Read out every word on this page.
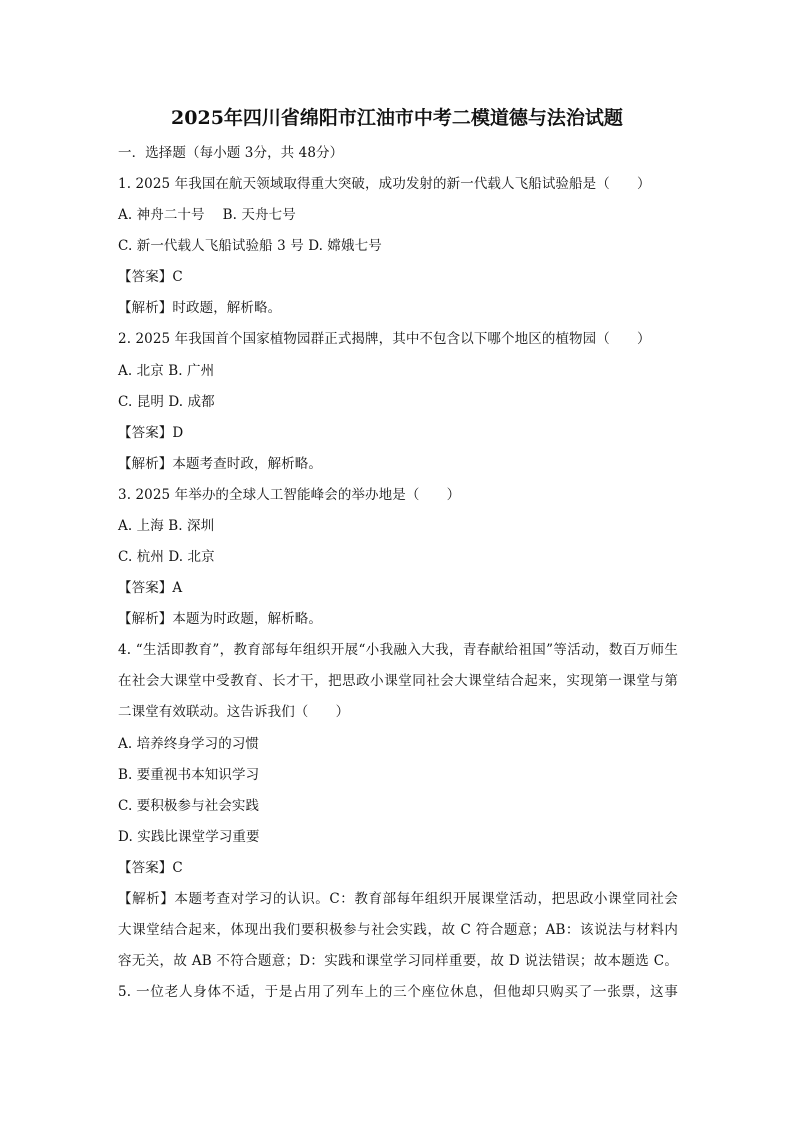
2025年四川省绵阳市江油市中考二模道德与法治试题
一．选择题（每小题 3分，共 48分）
1. 2025 年我国在航天领域取得重大突破，成功发射的新一代载人飞船试验船是（　　）
A. 神舟二十号　 B. 天舟七号
C. 新一代载人飞船试验船 3 号 D. 嫦娥七号
【答案】C
【解析】时政题，解析略。
2. 2025 年我国首个国家植物园群正式揭牌，其中不包含以下哪个地区的植物园（　　）
A. 北京 B. 广州
C. 昆明 D. 成都
【答案】D
【解析】本题考查时政，解析略。
3. 2025 年举办的全球人工智能峰会的举办地是（　　）
A. 上海 B. 深圳
C. 杭州 D. 北京
【答案】A
【解析】本题为时政题，解析略。
4. “生活即教育”，教育部每年组织开展“小我融入大我，青春献给祖国”等活动，数百万师生
在社会大课堂中受教育、长才干，把思政小课堂同社会大课堂结合起来，实现第一课堂与第
二课堂有效联动。这告诉我们（　　）
A. 培养终身学习的习惯
B. 要重视书本知识学习
C. 要积极参与社会实践
D. 实践比课堂学习重要
【答案】C
【解析】本题考查对学习的认识。C：教育部每年组织开展课堂活动，把思政小课堂同社会
大课堂结合起来，体现出我们要积极参与社会实践，故 C 符合题意；AB：该说法与材料内
容无关，故 AB 不符合题意；D：实践和课堂学习同样重要，故 D 说法错误；故本题选 C。
5. 一位老人身体不适，于是占用了列车上的三个座位休息，但他却只购买了一张票，这事
